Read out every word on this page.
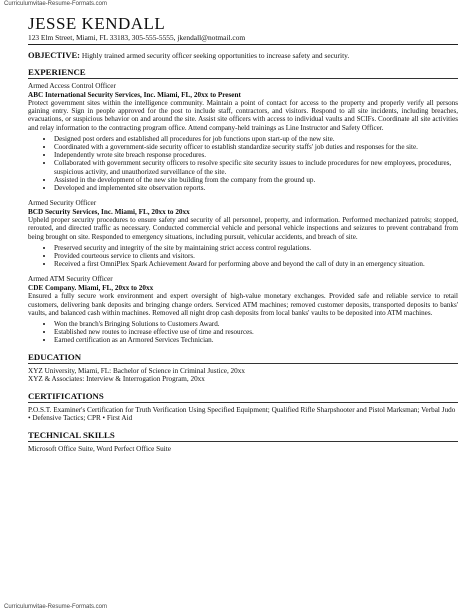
Curriculumvitae-Resume-Formats.com
JESSE KENDALL
123 Elm Street, Miami, FL 33183, 305-555-5555, jkendall@notmail.com
OBJECTIVE: Highly trained armed security officer seeking opportunities to increase safety and security.
EXPERIENCE
Armed Access Control Officer
ABC International Security Services, Inc. Miami, FL, 20xx to Present
Protect government sites within the intelligence community. Maintain a point of contact for access to the property and properly verify all persons gaining entry. Sign in people approved for the post to include staff, contractors, and visitors. Respond to all site incidents, including breaches, evacuations, or suspicious behavior on and around the site. Assist site officers with access to individual vaults and SCIFs. Coordinate all site activities and relay information to the contracting program office. Attend company-held trainings as Line Instructor and Safety Officer.
• Designed post orders and established all procedures for job functions upon start-up of the new site.
• Coordinated with a government-side security officer to establish standardize security staffs' job duties and responses for the site.
• Independently wrote site breach response procedures.
• Collaborated with government security officers to resolve specific site security issues to include procedures for new employees, procedures, suspicious activity, and unauthorized surveillance of the site.
• Assisted in the development of the new site building from the company from the ground up.
• Developed and implemented site observation reports.
Armed Security Officer
BCD Security Services, Inc. Miami, FL, 20xx to 20xx
Upheld proper security procedures to ensure safety and security of all personnel, property, and information. Performed mechanized patrols; stopped, rerouted, and directed traffic as necessary. Conducted commercial vehicle and personal vehicle inspections and seizures to prevent contraband from being brought on site. Responded to emergency situations, including pursuit, vehicular accidents, and breach of site.
• Preserved security and integrity of the site by maintaining strict access control regulations.
• Provided courteous service to clients and visitors.
• Received a first OmniPlex Spark Achievement Award for performing above and beyond the call of duty in an emergency situation.
Armed ATM Security Officer
CDE Company. Miami, FL, 20xx to 20xx
Ensured a fully secure work environment and expert oversight of high-value monetary exchanges. Provided safe and reliable service to retail customers, delivering bank deposits and bringing change orders. Serviced ATM machines; removed customer deposits, transported deposits to banks' vaults, and balanced cash within machines. Removed all night drop cash deposits from local banks' vaults to be deposited into ATM machines.
• Won the branch's Bringing Solutions to Customers Award.
• Established new routes to increase effective use of time and resources.
• Earned certification as an Armored Services Technician.
EDUCATION
XYZ University, Miami, FL: Bachelor of Science in Criminal Justice, 20xx
XYZ & Associates: Interview & Interrogation Program, 20xx
CERTIFICATIONS
P.O.S.T. Examiner's Certification for Truth Verification Using Specified Equipment; Qualified Rifle Sharpshooter and Pistol Marksman; Verbal Judo • Defensive Tactics; CPR • First Aid
TECHNICAL SKILLS
Microsoft Office Suite, Word Perfect Office Suite
Curriculumvitae-Resume-Formats.com
